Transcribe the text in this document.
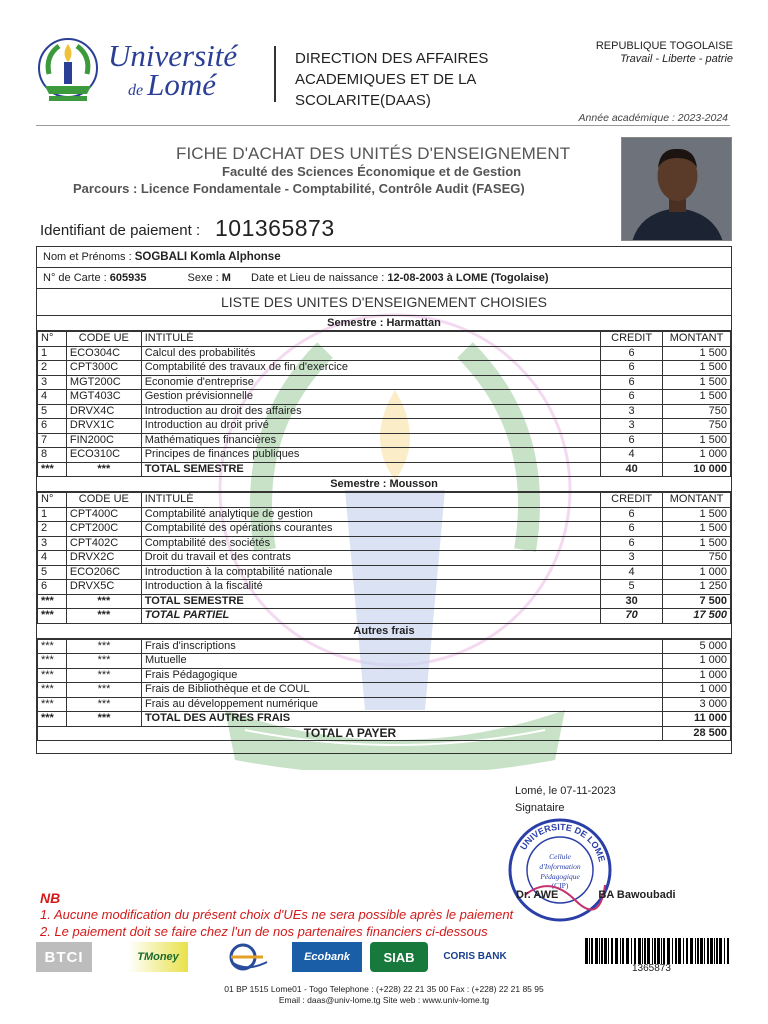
Université
de Lomé
DIRECTION DES AFFAIRES
ACADEMIQUES ET DE LA
SCOLARITE(DAAS)
REPUBLIQUE TOGOLAISE
Travail - Liberte - patrie
Année académique : 2023-2024
FICHE D'ACHAT DES UNITÉS D'ENSEIGNEMENT
Faculté des Sciences Économique et de Gestion
Parcours : Licence Fondamentale - Comptabilité, Contrôle Audit (FASEG)
Identifiant de paiement : 101365873
Nom et Prénoms : SOGBALI Komla Alphonse
N° de Carte : 605935	Sexe : M Date et Lieu de naissance : 12-08-2003 à LOME (Togolaise)
LISTE DES UNITES D'ENSEIGNEMENT CHOISIES
Semestre : Harmattan
N°	CODE UE	INTITULÉ	CREDIT	MONTANT
1	ECO304C	Calcul des probabilités	6	1 500
2	CPT300C	Comptabilité des travaux de fin d'exercice	6	1 500
3	MGT200C	Economie d'entreprise	6	1 500
4	MGT403C	Gestion prévisionnelle	6	1 500
5	DRVX4C	Introduction au droit des affaires	3	750
6	DRVX1C	Introduction au droit privé	3	750
7	FIN200C	Mathématiques financières	6	1 500
8	ECO310C	Principes de finances publiques	4	1 000
***	***	TOTAL SEMESTRE	40	10 000
Semestre : Mousson
N°	CODE UE	INTITULÉ	CREDIT	MONTANT
1	CPT400C	Comptabilité analytique de gestion	6	1 500
2	CPT200C	Comptabilité des opérations courantes	6	1 500
3	CPT402C	Comptabilité des sociétés	6	1 500
4	DRVX2C	Droit du travail et des contrats	3	750
5	ECO206C	Introduction à la comptabilité nationale	4	1 000
6	DRVX5C	Introduction à la fiscalité	5	1 250
***	***	TOTAL SEMESTRE	30	7 500
***	***	TOTAL PARTIEL	70	17 500
Autres frais
***	***	Frais d'inscriptions	5 000
***	***	Mutuelle	1 000
***	***	Frais Pédagogique	1 000
***	***	Frais de Bibliothèque et de COUL	1 000
***	***	Frais au développement numérique	3 000
***	***	TOTAL DES AUTRES FRAIS	11 000
TOTAL A PAYER			28 500
Lomé, le 07-11-2023
Signataire
UNIVERSITE DE LOME
Cellule
d'Information
Pédagogique
(CIP)
Dr. AWE	BA Bawoubadi
NB
1. Aucune modification du présent choix d'UEs ne sera possible après le paiement
2. Le paiement doit se faire chez l'un de nos partenaires financiers ci-dessous
BTCI	TMoney	Ecobank	SIAB	CORIS BANK
1365873
01 BP 1515 Lome01 - Togo Telephone : (+228) 22 21 35 00 Fax : (+228) 22 21 85 95
Email : daas@univ-lome.tg Site web : www.univ-lome.tg
